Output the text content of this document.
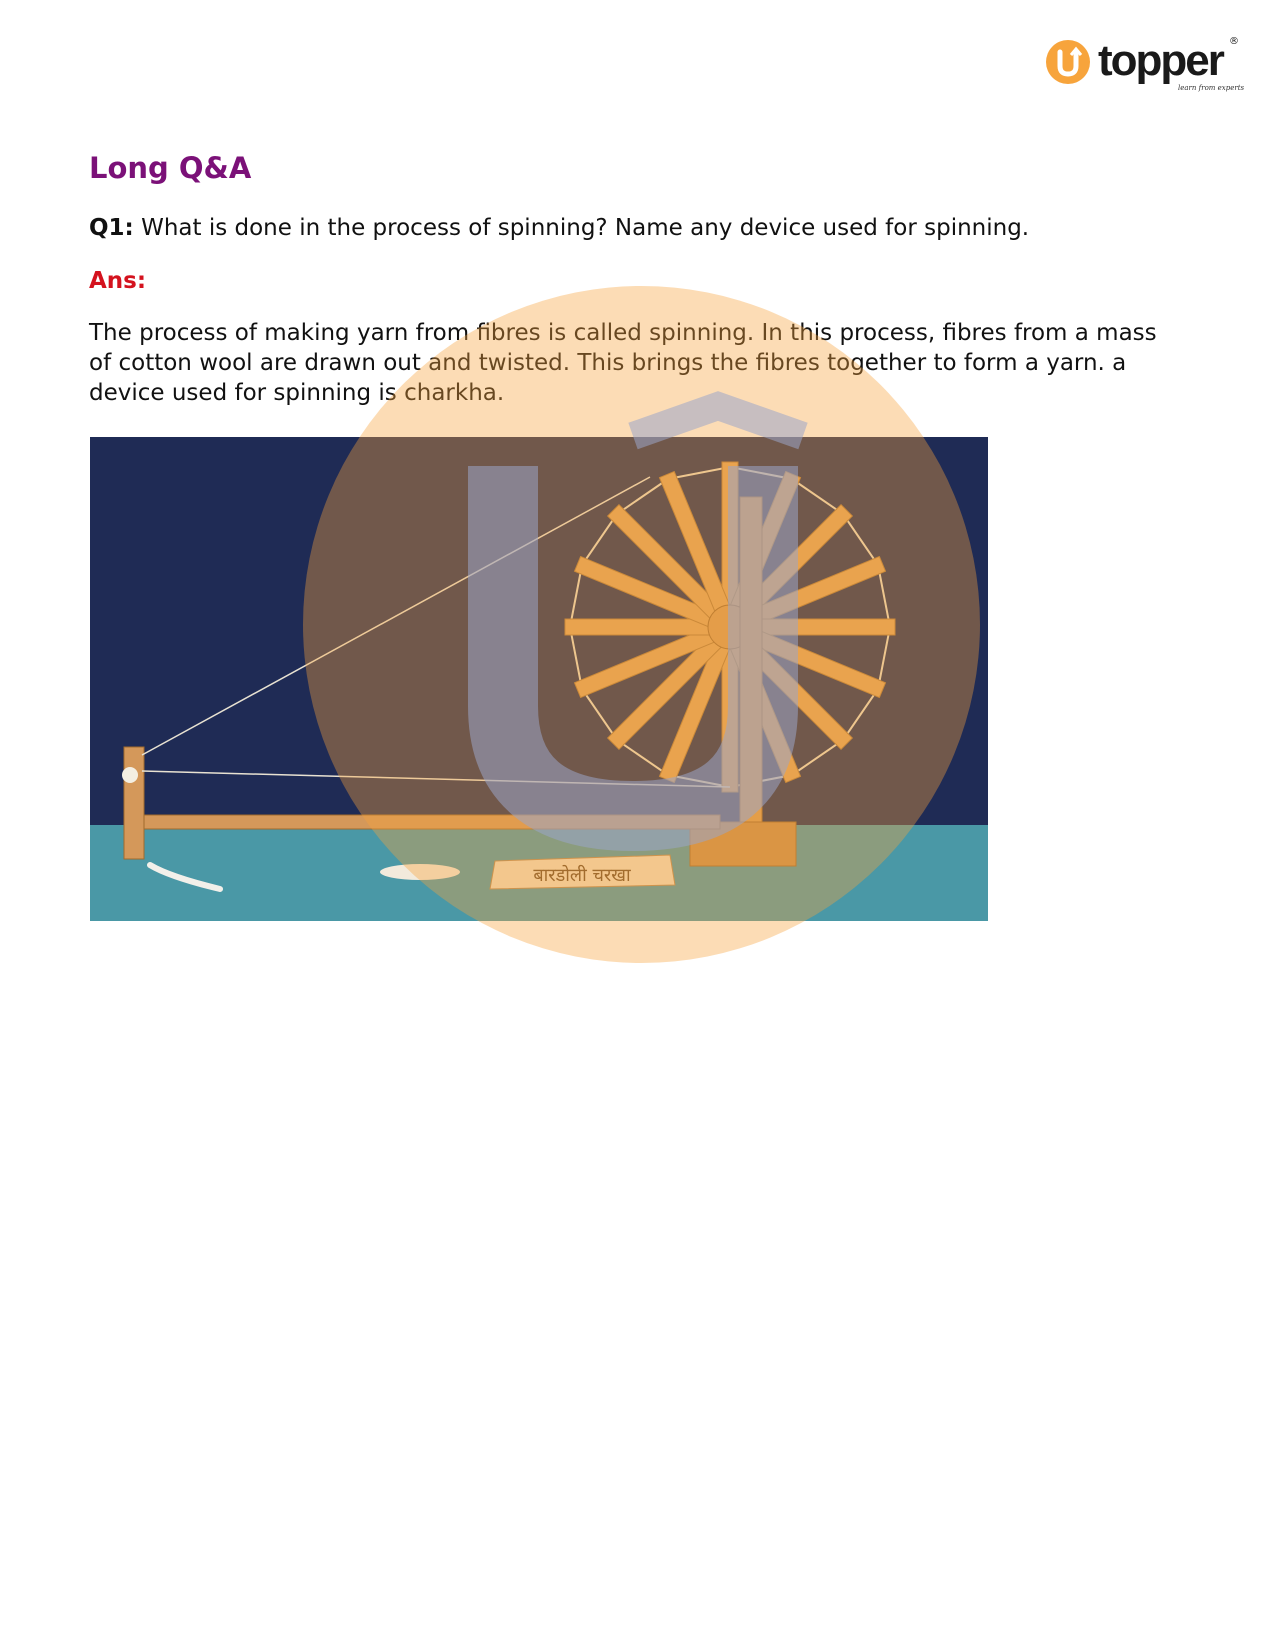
topper ®
learn from experts
Long Q&A

Q1: What is done in the process of spinning? Name any device used for spinning.

Ans:

The process of making yarn from fibres is called spinning. In this process, fibres from a mass of cotton wool are drawn out and twisted. This brings the fibres together to form a yarn. a device used for spinning is charkha.

बारडोली चरखा
